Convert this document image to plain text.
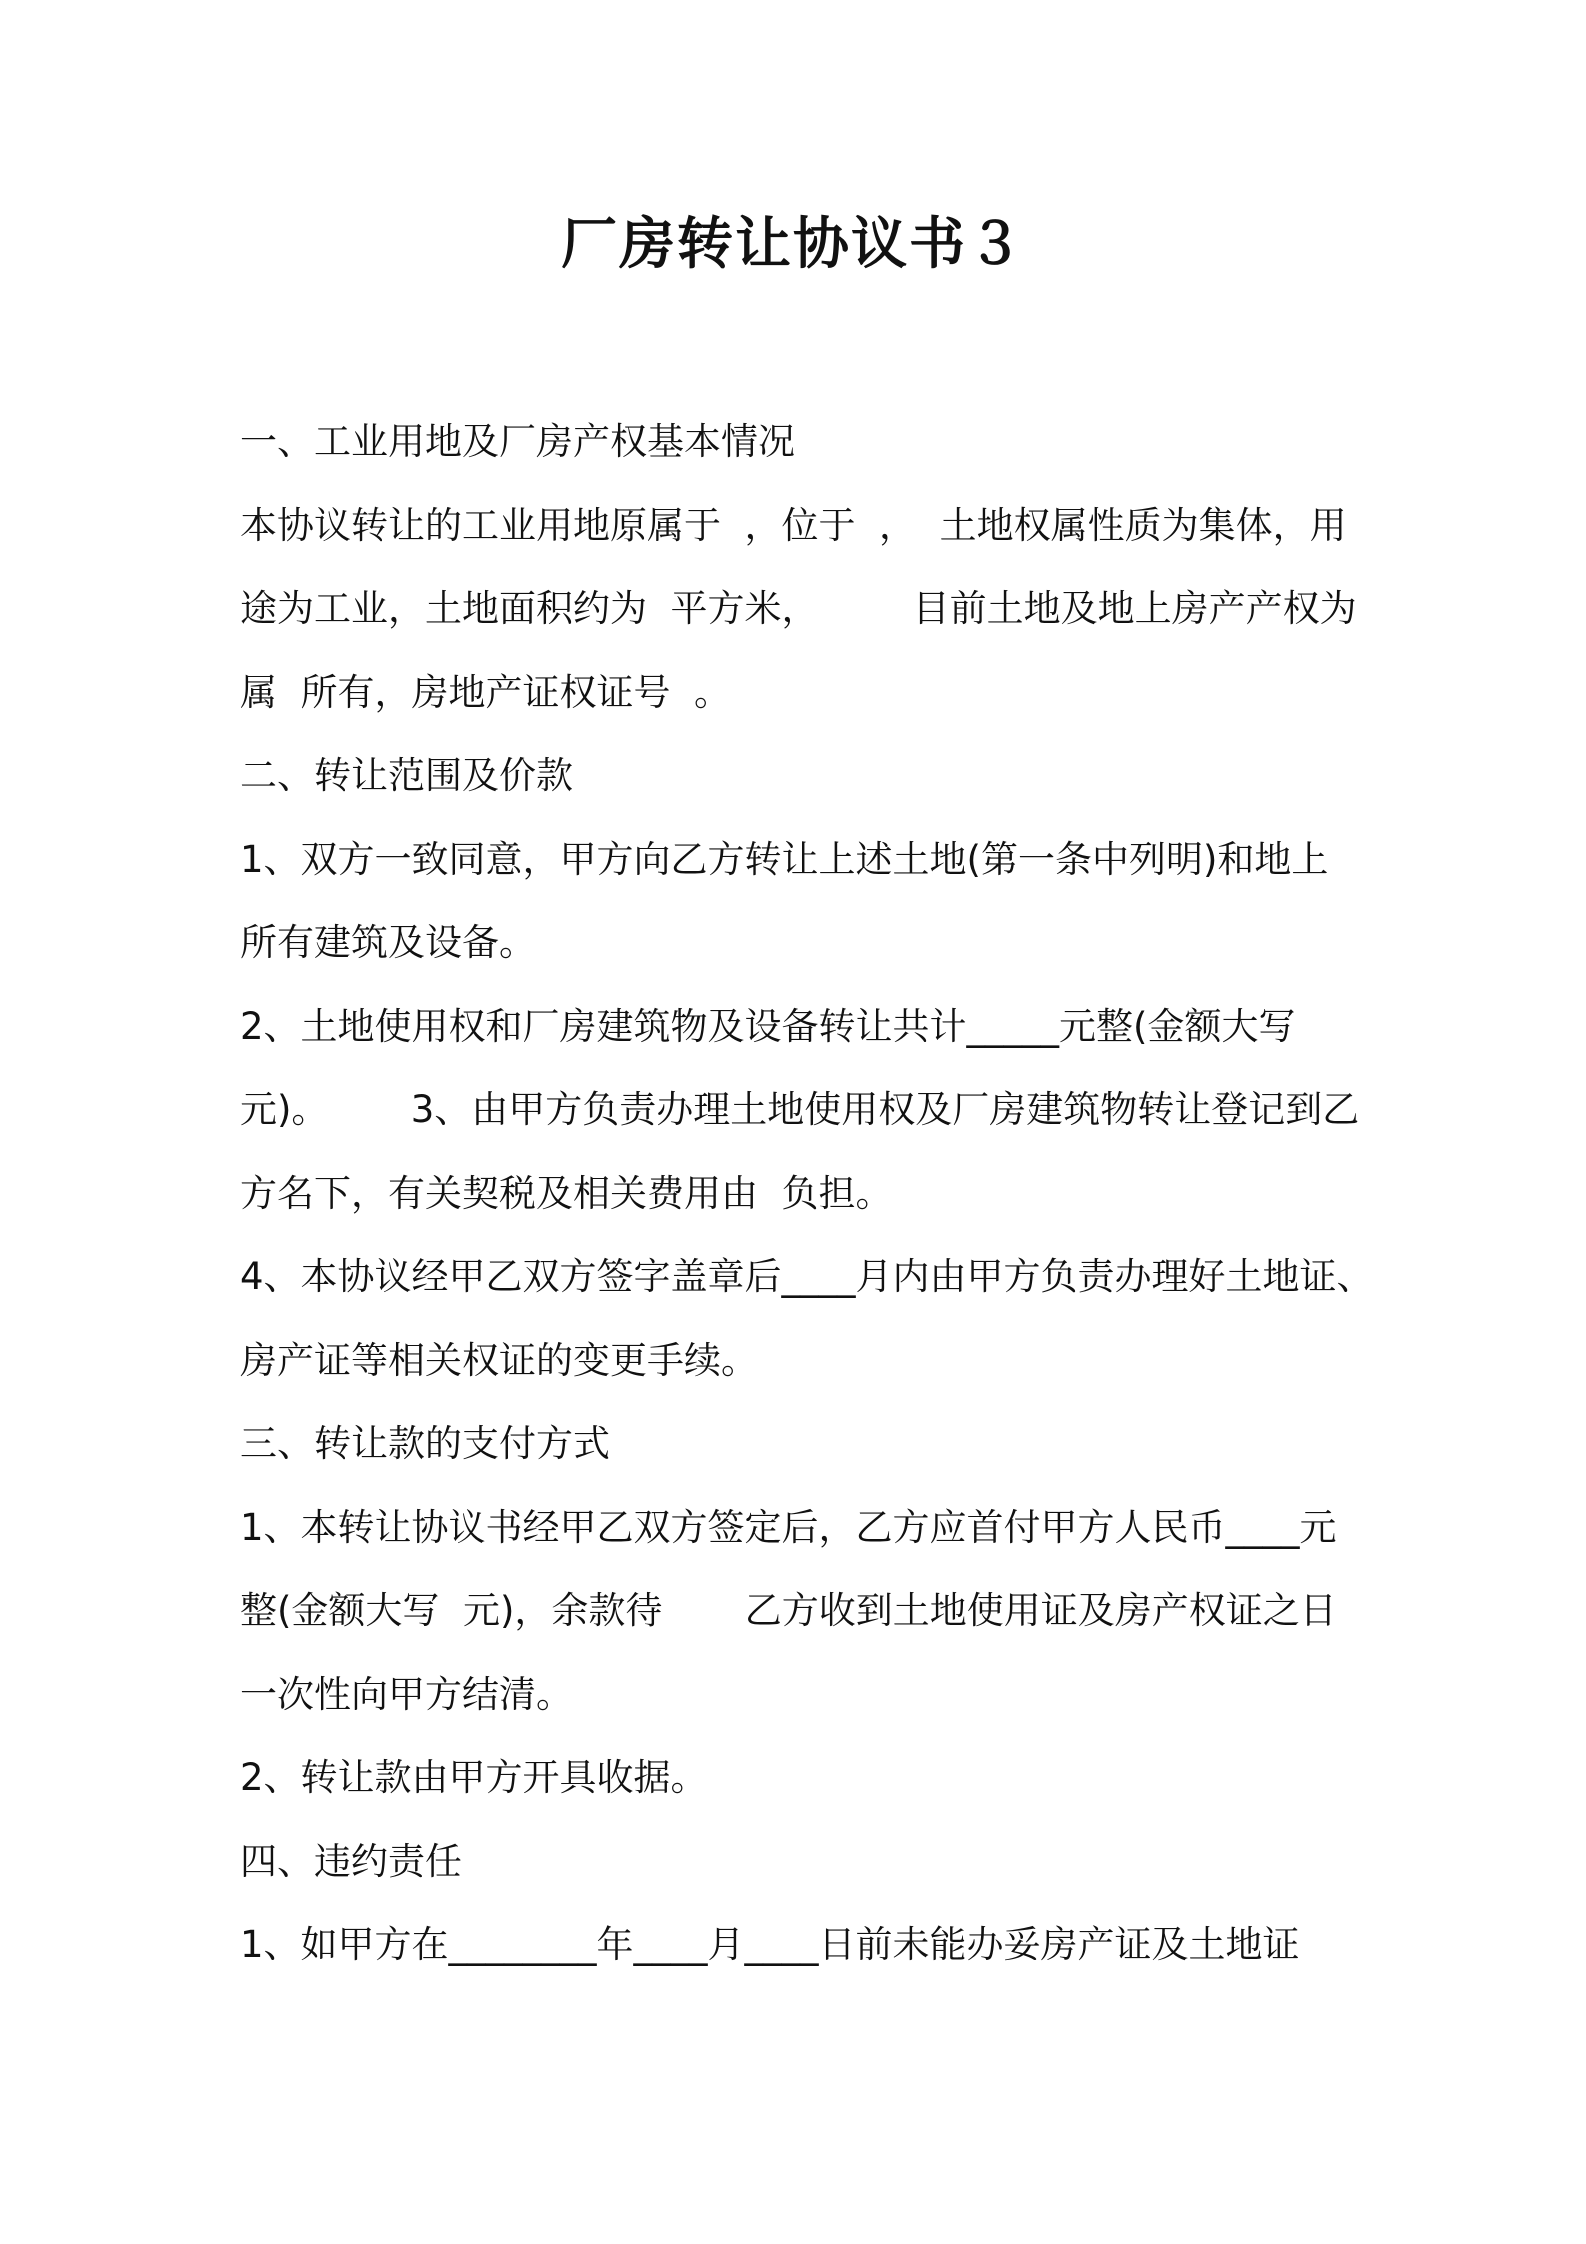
厂房转让协议书３
一、工业用地及厂房产权基本情况
本协议转让的工业用地原属于  ，位于  ，  土地权属性质为集体，用
途为工业，土地面积约为  平方米，        目前土地及地上房产产权为
属  所有，房地产证权证号  。
二、转让范围及价款
1、双方一致同意，甲方向乙方转让上述土地(第一条中列明)和地上
所有建筑及设备。
2、土地使用权和厂房建筑物及设备转让共计_____元整(金额大写
元)。       3、由甲方负责办理土地使用权及厂房建筑物转让登记到乙
方名下，有关契税及相关费用由  负担。
4、本协议经甲乙双方签字盖章后____月内由甲方负责办理好土地证、
房产证等相关权证的变更手续。
三、转让款的支付方式
1、本转让协议书经甲乙双方签定后，乙方应首付甲方人民币____元
整(金额大写  元)，余款待       乙方收到土地使用证及房产权证之日
一次性向甲方结清。
2、转让款由甲方开具收据。
四、违约责任
1、如甲方在________年____月____日前未能办妥房产证及土地证
